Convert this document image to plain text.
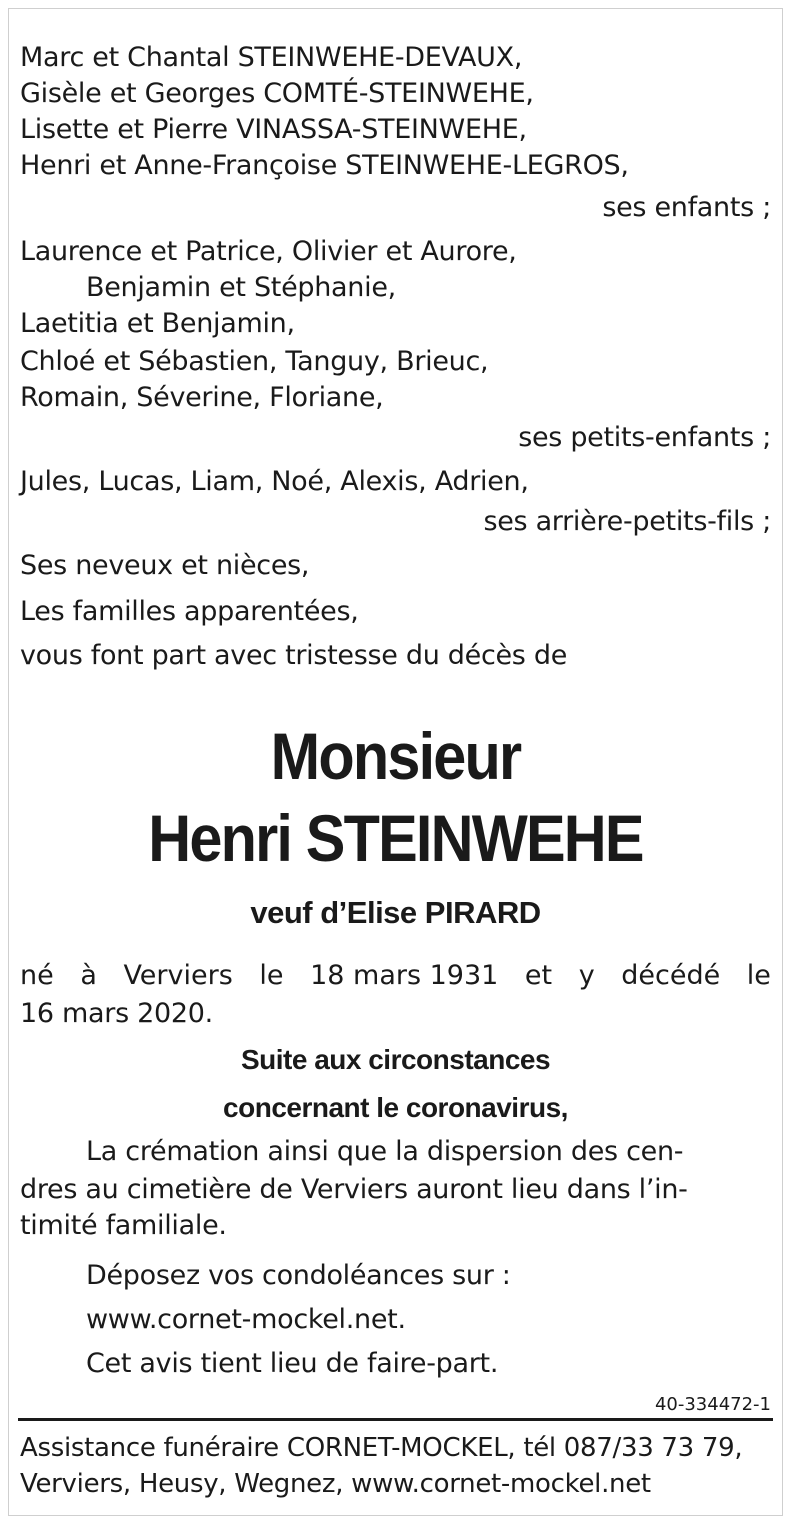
Marc et Chantal STEINWEHE-DEVAUX,
Gisèle et Georges COMTÉ-STEINWEHE,
Lisette et Pierre VINASSA-STEINWEHE,
Henri et Anne-Françoise STEINWEHE-LEGROS,
ses enfants ;
Laurence et Patrice, Olivier et Aurore,
Benjamin et Stéphanie,
Laetitia et Benjamin,
Chloé et Sébastien, Tanguy, Brieuc,
Romain, Séverine, Floriane,
ses petits-enfants ;
Jules, Lucas, Liam, Noé, Alexis, Adrien,
ses arrière-petits-fils ;
Ses neveux et nièces,
Les familles apparentées,
vous font part avec tristesse du décès de
Monsieur
Henri STEINWEHE
veuf d’Elise PIRARD
né à Verviers le 18 mars 1931 et y décédé le
16 mars 2020.
Suite aux circonstances
concernant le coronavirus,
La crémation ainsi que la dispersion des cen-
dres au cimetière de Verviers auront lieu dans l’in-
timité familiale.
Déposez vos condoléances sur :
www.cornet-mockel.net.
Cet avis tient lieu de faire-part.
40-334472-1
Assistance funéraire CORNET-MOCKEL, tél 087/33 73 79,
Verviers, Heusy, Wegnez, www.cornet-mockel.net
